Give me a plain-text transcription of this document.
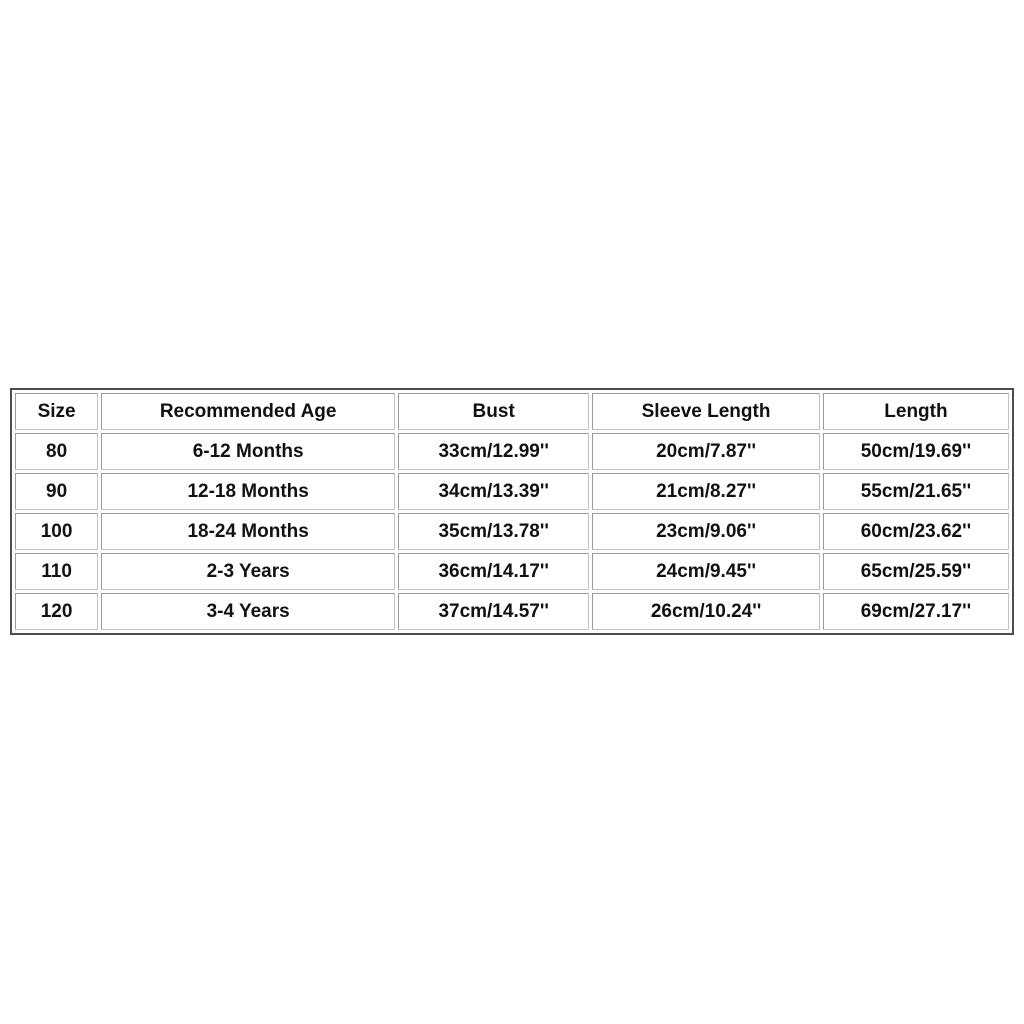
Size	Recommended Age	Bust	Sleeve Length	Length
80	6-12 Months	33cm/12.99''	20cm/7.87''	50cm/19.69''
90	12-18 Months	34cm/13.39''	21cm/8.27''	55cm/21.65''
100	18-24 Months	35cm/13.78''	23cm/9.06''	60cm/23.62''
110	2-3 Years	36cm/14.17''	24cm/9.45''	65cm/25.59''
120	3-4 Years	37cm/14.57''	26cm/10.24''	69cm/27.17''
